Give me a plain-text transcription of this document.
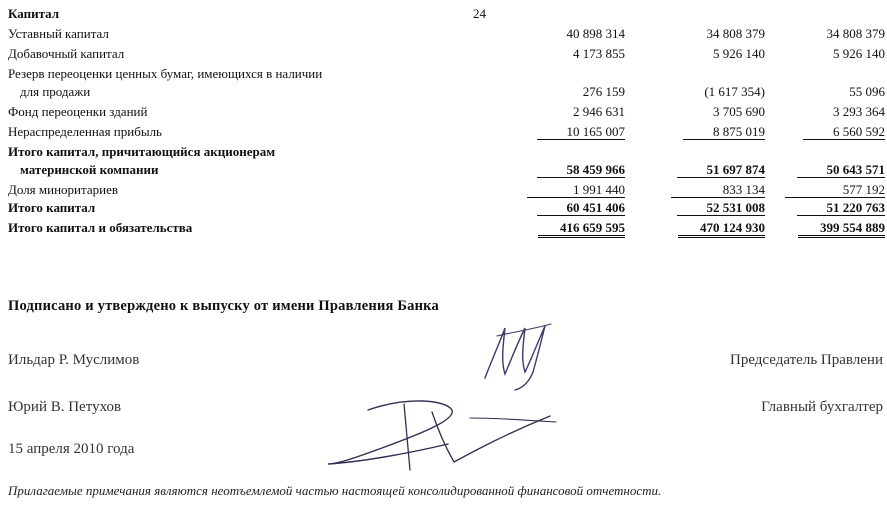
Капитал	24
Уставный капитал	40 898 314	34 808 379	34 808 379
Добавочный капитал	4 173 855	5 926 140	5 926 140
Резерв переоценки ценных бумаг, имеющихся в наличии
для продажи	276 159	(1 617 354)	55 096
Фонд переоценки зданий	2 946 631	3 705 690	3 293 364
Нераспределенная прибыль	10 165 007	8 875 019	6 560 592
Итого капитал, причитающийся акционерам
материнской компании	58 459 966	51 697 874	50 643 571
Доля миноритариев	1 991 440	833 134	577 192
Итого капитал	60 451 406	52 531 008	51 220 763
Итого капитал и обязательства	416 659 595	470 124 930	399 554 889
Подписано и утверждено к выпуску от имени Правления Банка
Ильдар Р. Муслимов	Председатель Правлени
Юрий В. Петухов	Главный бухгалтер
15 апреля 2010 года
Прилагаемые примечания являются неотъемлемой частью настоящей консолидированной финансовой отчетности.
